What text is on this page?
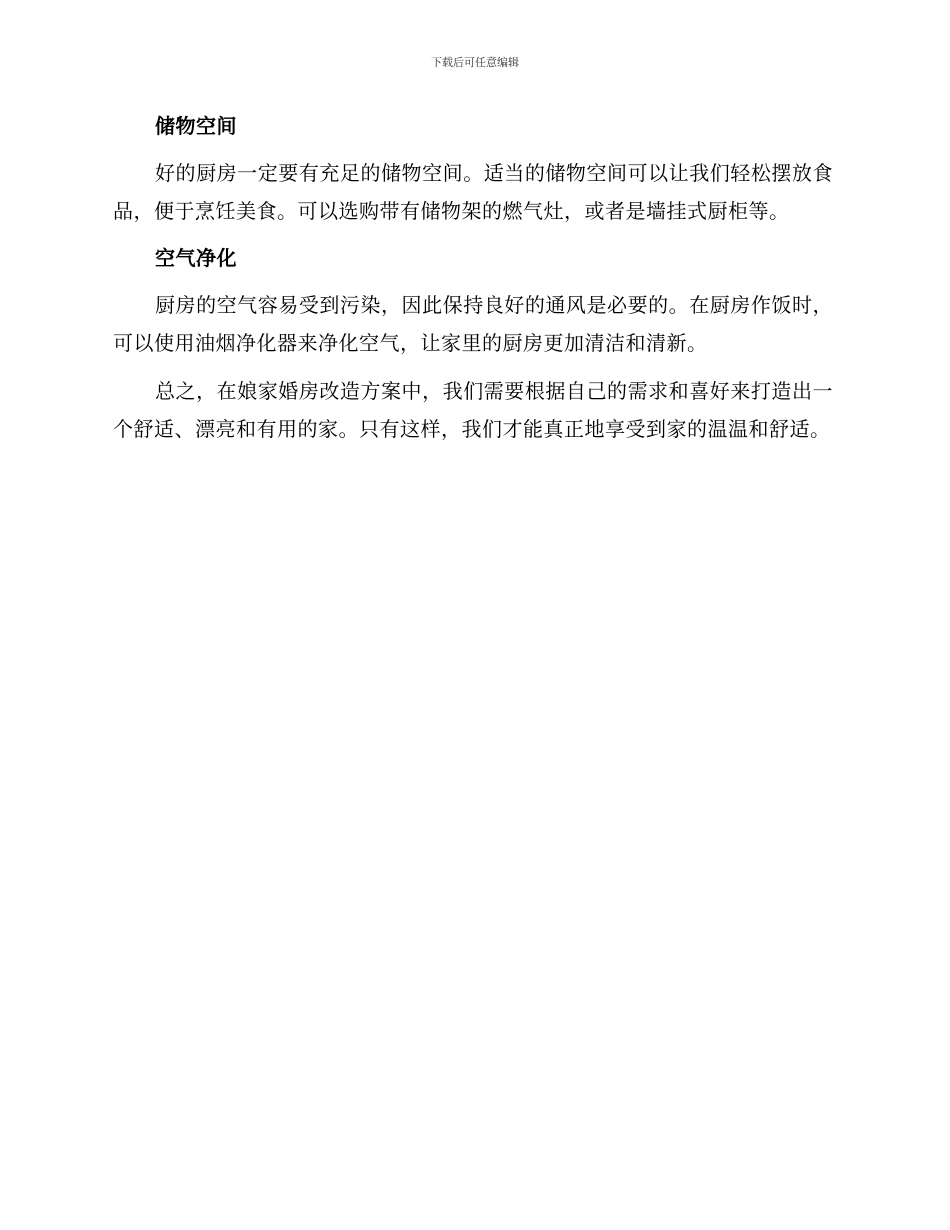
下载后可任意编辑
储物空间

好的厨房一定要有充足的储物空间。适当的储物空间可以让我们轻松摆放食品，便于烹饪美食。可以选购带有储物架的燃气灶，或者是墙挂式厨柜等。

空气净化

厨房的空气容易受到污染，因此保持良好的通风是必要的。在厨房作饭时，可以使用油烟净化器来净化空气，让家里的厨房更加清洁和清新。

总之，在娘家婚房改造方案中，我们需要根据自己的需求和喜好来打造出一个舒适、漂亮和有用的家。只有这样，我们才能真正地享受到家的温温和舒适。
